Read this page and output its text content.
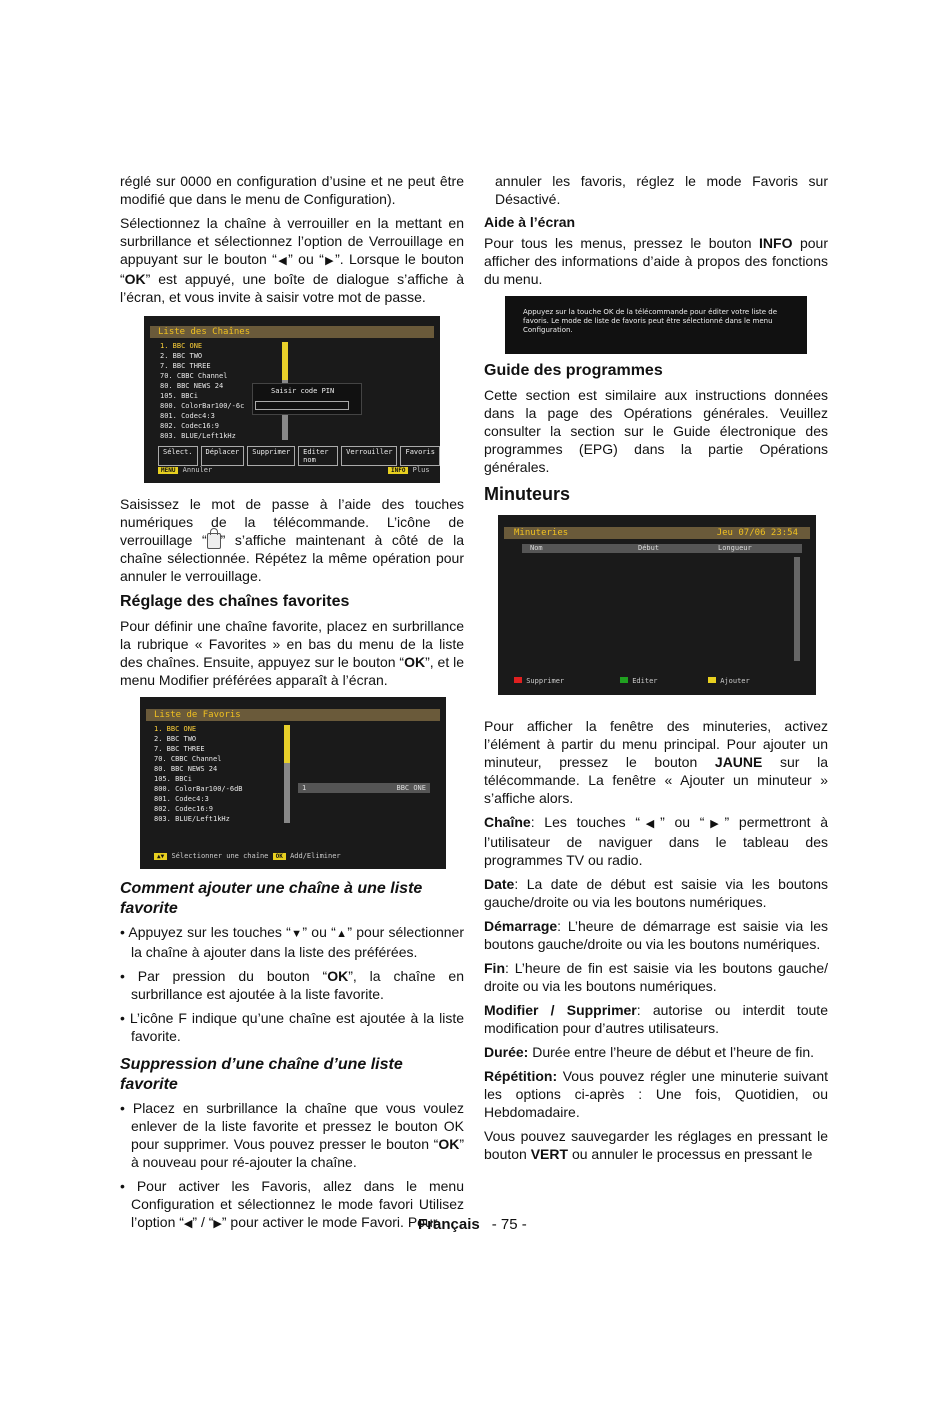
réglé sur 0000 en configuration d’usine et ne peut être modifié que dans le menu de Configuration).

Sélectionnez la chaîne à verrouiller en la mettant en surbrillance et sélectionnez l’option de Verrouillage en appuyant sur le bouton “◀” ou “▶”. Lorsque le bouton “OK” est appuyé, une boîte de dialogue s’affiche à l’écran, et vous invite à saisir votre mot de passe.

Liste des Chaînes
1. BBC ONE
2. BBC TWO
7. BBC THREE
70. CBBC Channel
80. BBC NEWS 24
105. BBCi
800. ColorBar100/-6c
801. Codec4:3
802. Codec16:9
803. BLUE/Left1kHz
Saisir code PIN
Sélect.	Déplacer	Supprimer	Editer nom
Verrouiller	Favoris
MENU Annuler	INFO Plus

Saisissez le mot de passe à l’aide des touches numériques de la télécommande. L’icône de verrouillage “ ” s’affiche maintenant à côté de la chaîne sélectionnée. Répétez la même opération pour annuler le verrouillage.

Réglage des chaînes favorites

Pour définir une chaîne favorite, placez en surbrillance la rubrique « Favorites » en bas du menu de la liste des chaînes. Ensuite, appuyez sur le bouton “OK”, et le menu Modifier préférées apparaît à l’écran.

Liste de Favoris
1. BBC ONE
2. BBC TWO
7. BBC THREE
70. CBBC Channel
80. BBC NEWS 24
105. BBCi
800. ColorBar100/-6dB
801. Codec4:3
802. Codec16:9
803. BLUE/Left1kHz
1	BBC ONE
▲▼ Sélectionner une chaîne OK Add/Eliminer
Comment ajouter une chaîne à une liste favorite

• Appuyez sur les touches “▼” ou “▲” pour sélectionner la chaîne à ajouter dans la liste des préférées.

• Par pression du bouton “OK”, la chaîne en surbrillance est ajoutée à la liste favorite.

• L’icône F indique qu’une chaîne est ajoutée à la liste favorite.

Suppression d’une chaîne d’une liste favorite

• Placez en surbrillance la chaîne que vous voulez enlever de la liste favorite et pressez le bouton OK pour supprimer. Vous pouvez presser le bouton “OK” à nouveau pour ré-ajouter la chaîne.

• Pour activer les Favoris, allez dans le menu Configuration et sélectionnez le mode favori Utilisez l’option “◀” / “▶” pour activer le mode Favori. Pour

annuler les favoris, réglez le mode Favoris sur Désactivé.

Aide à l’écran

Pour tous les menus, pressez le bouton INFO pour afficher des informations d’aide à propos des fonctions du menu.

Appuyez sur la touche OK de la télécommande pour éditer votre liste de favoris. Le mode de liste de favoris peut être sélectionné dans le menu Configuration.
Guide des programmes

Cette section est similaire aux instructions données dans la page des Opérations générales. Veuillez consulter la section sur le Guide électronique des programmes (EPG) dans la partie Opérations générales.

Minuteurs
Minuteries	Jeu 07/06 23:54
Nom	Début	Longueur
Supprimer	Editer	Ajouter

Pour afficher la fenêtre des minuteries, activez l’élément à partir du menu principal. Pour ajouter un minuteur, pressez le bouton JAUNE sur la télécommande. La fenêtre « Ajouter un minuteur » s’affiche alors.

Chaîne: Les touches “◀” ou “▶” permettront à l’utilisateur de naviguer dans le tableau des programmes TV ou radio.

Date: La date de début est saisie via les boutons gauche/droite ou via les boutons numériques.

Démarrage: L’heure de démarrage est saisie via les boutons gauche/droite ou via les boutons numériques.

Fin: L’heure de fin est saisie via les boutons gauche/ droite ou via les boutons numériques.

Modifier / Supprimer: autorise ou interdit toute modification pour d’autres utilisateurs.

Durée: Durée entre l’heure de début et l’heure de fin.

Répétition: Vous pouvez régler une minuterie suivant les options ci-après : Une fois, Quotidien, ou Hebdomadaire.

Vous pouvez sauvegarder les réglages en pressant le bouton VERT ou annuler le processus en pressant le

Français - 75 -
